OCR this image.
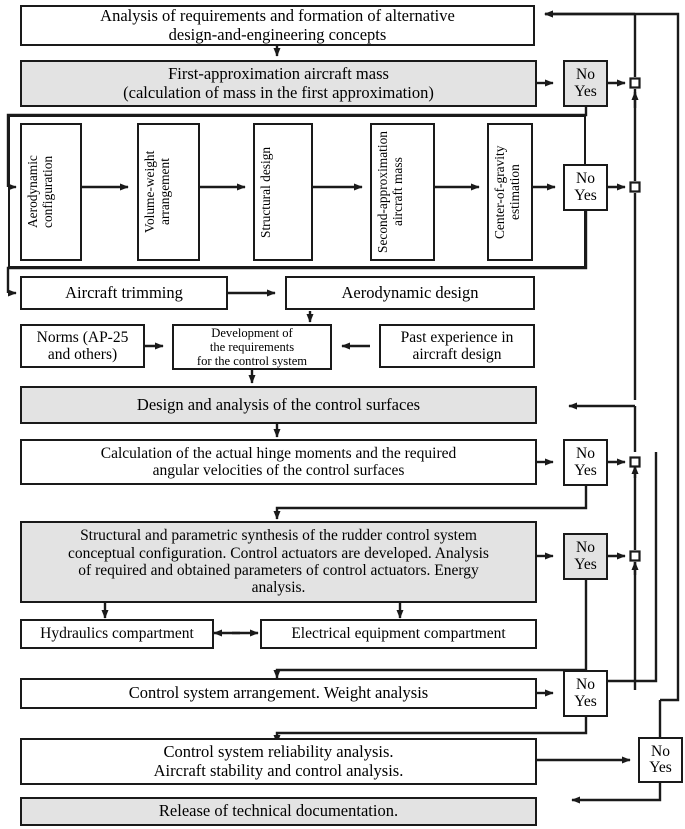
Analysis of requirements and formation of alternative
design-and-engineering concepts
First-approximation aircraft mass
(calculation of mass in the first approximation)
Aerodynamic configuration	Volume-weight arrangement	Structural design	Second-approximation aircraft mass	Center-of-gravity estimation
Aircraft trimming	Aerodynamic design
Norms (AP-25
and others)
Development of
the requirements
for the control system
Past experience in
aircraft design
Design and analysis of the control surfaces
Calculation of the actual hinge moments and the required
angular velocities of the control surfaces
Structural and parametric synthesis of the rudder control system
conceptual configuration. Control actuators are developed. Analysis
of required and obtained parameters of control actuators. Energy
analysis.
Hydraulics compartment	Electrical equipment compartment
Control system arrangement. Weight analysis
Control system reliability analysis.
Aircraft stability and control analysis.
Release of technical documentation.
No
Yes
No
Yes
No
Yes
No
Yes
No
Yes
No
Yes
